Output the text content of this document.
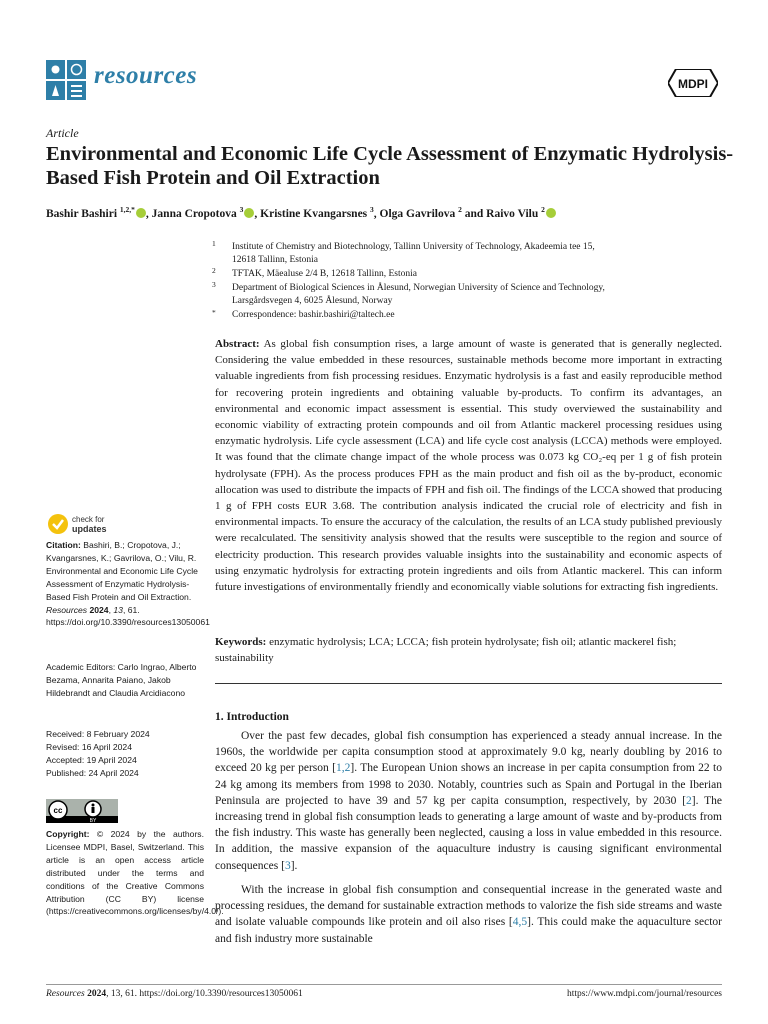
resources	MDPI
Article
Environmental and Economic Life Cycle Assessment of Enzymatic Hydrolysis-Based Fish Protein and Oil Extraction
Bashir Bashiri $^{1,2,*}$ , Janna Cropotova $^3$ , Kristine Kvangarsnes $^3$, Olga Gavrilova $^2$ and Raivo Vilu $^2$
1 Institute of Chemistry and Biotechnology, Tallinn University of Technology, Akadeemia tee 15,
12618 Tallinn, Estonia
2 TFTAK, Mäealuse 2/4 B, 12618 Tallinn, Estonia
3 Department of Biological Sciences in Ålesund, Norwegian University of Science and Technology,
Larsgårdsvegen 4, 6025 Ålesund, Norway
* Correspondence: bashir.bashiri@taltech.ee
Abstract: As global fish consumption rises, a large amount of waste is generated that is generally neglected. Considering the value embedded in these resources, sustainable methods become more important in extracting valuable ingredients from fish processing residues. Enzymatic hydrolysis is a fast and easily reproducible method for recovering protein ingredients and obtaining valuable by-products. To confirm its advantages, an environmental and economic impact assessment is essential. This study overviewed the sustainability and economic viability of extracting protein compounds and oil from Atlantic mackerel processing residues using enzymatic hydrolysis. Life cycle assessment (LCA) and life cycle cost analysis (LCCA) methods were employed. It was found that the climate change impact of the whole process was 0.073 kg CO₂-eq per 1 g of fish protein hydrolysate (FPH). As the process produces FPH as the main product and fish oil as the by-product, economic allocation was used to distribute the impacts of FPH and fish oil. The findings of the LCCA showed that producing 1 g of FPH costs EUR 3.68. The contribution analysis indicated the crucial role of electricity and fish in environmental impacts. To ensure the accuracy of the calculation, the results of an LCA study published previously were recalculated. The sensitivity analysis showed that the results were susceptible to the region and source of electricity production. This research provides valuable insights into the sustainability and economic aspects of using enzymatic hydrolysis for extracting protein ingredients and oils from Atlantic mackerel. This can inform future investigations of environmentally friendly and economically viable solutions for extracting fish ingredients.
Keywords: enzymatic hydrolysis; LCA; LCCA; fish protein hydrolysate; fish oil; atlantic mackerel fish; sustainability
1. Introduction
Over the past few decades, global fish consumption has experienced a steady annual increase. In the 1960s, the worldwide per capita consumption stood at approximately 9.0 kg, nearly doubling by 2016 to exceed 20 kg per person [1,2]. The European Union shows an increase in per capita consumption from 22 to 24 kg among its members from 1998 to 2030. Notably, countries such as Spain and Portugal in the Iberian Peninsula are projected to have 39 and 57 kg per capita consumption, respectively, by 2030 [2]. The increasing trend in global fish consumption leads to generating a large amount of waste and by-products from the fish industry. This waste has generally been neglected, causing a loss in value embedded in this resource. In addition, the massive expansion of the aquaculture industry is causing significant environmental consequences [3].
With the increase in global fish consumption and consequential increase in the generated waste and processing residues, the demand for sustainable extraction methods to valorize the fish side streams and waste and isolate valuable compounds like protein and oil also rises [4,5]. This could make the aquaculture sector and fish industry more sustainable
check for
updates
Citation: Bashiri, B.; Cropotova, J.; Kvangarsnes, K.; Gavrilova, O.; Vilu, R. Environmental and Economic Life Cycle Assessment of Enzymatic Hydrolysis-Based Fish Protein and Oil Extraction. Resources 2024, 13, 61. https://doi.org/10.3390/resources13050061
Academic Editors: Carlo Ingrao, Alberto Bezama, Annarita Paiano, Jakob Hildebrandt and Claudia Arcidiacono
Received: 8 February 2024
Revised: 16 April 2024
Accepted: 19 April 2024
Published: 24 April 2024
cc
BY
Copyright: © 2024 by the authors. Licensee MDPI, Basel, Switzerland. This article is an open access article distributed under the terms and conditions of the Creative Commons Attribution (CC BY) license (https://creativecommons.org/licenses/by/4.0/).
Resources 2024, 13, 61. https://doi.org/10.3390/resources13050061	https://www.mdpi.com/journal/resources
